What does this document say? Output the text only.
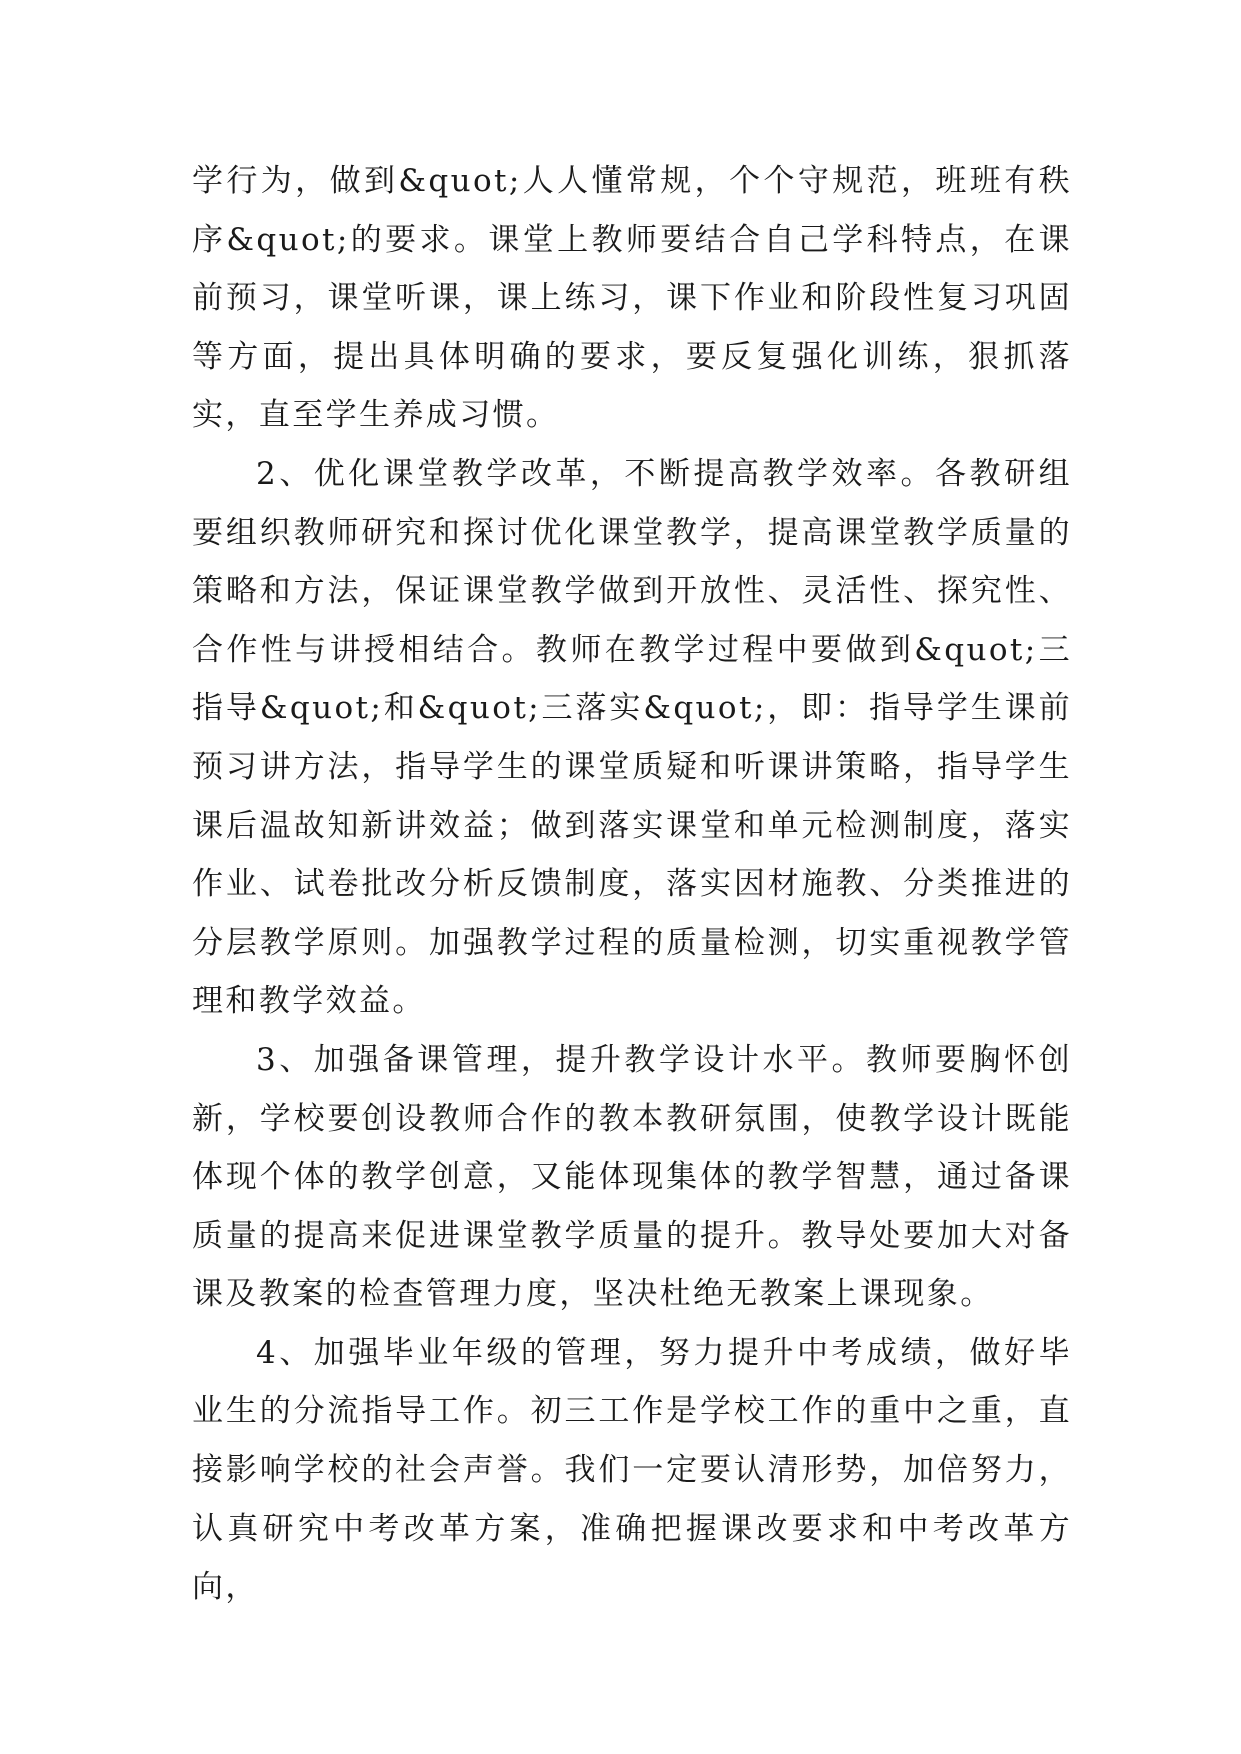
学行为，做到&quot;人人懂常规，个个守规范，班班有秩序&quot;的要求。课堂上教师要结合自己学科特点，在课前预习，课堂听课，课上练习，课下作业和阶段性复习巩固等方面，提出具体明确的要求，要反复强化训练，狠抓落实，直至学生养成习惯。

2、优化课堂教学改革，不断提高教学效率。各教研组要组织教师研究和探讨优化课堂教学，提高课堂教学质量的策略和方法，保证课堂教学做到开放性、灵活性、探究性、合作性与讲授相结合。教师在教学过程中要做到&quot;三指导&quot;和&quot;三落实&quot;，即：指导学生课前预习讲方法，指导学生的课堂质疑和听课讲策略，指导学生课后温故知新讲效益；做到落实课堂和单元检测制度，落实作业、试卷批改分析反馈制度，落实因材施教、分类推进的分层教学原则。加强教学过程的质量检测，切实重视教学管理和教学效益。

3、加强备课管理，提升教学设计水平。教师要胸怀创新，学校要创设教师合作的教本教研氛围，使教学设计既能体现个体的教学创意，又能体现集体的教学智慧，通过备课质量的提高来促进课堂教学质量的提升。教导处要加大对备课及教案的检查管理力度，坚决杜绝无教案上课现象。

4、加强毕业年级的管理，努力提升中考成绩，做好毕业生的分流指导工作。初三工作是学校工作的重中之重，直接影响学校的社会声誉。我们一定要认清形势，加倍努力，认真研究中考改革方案，准确把握课改要求和中考改革方向，
